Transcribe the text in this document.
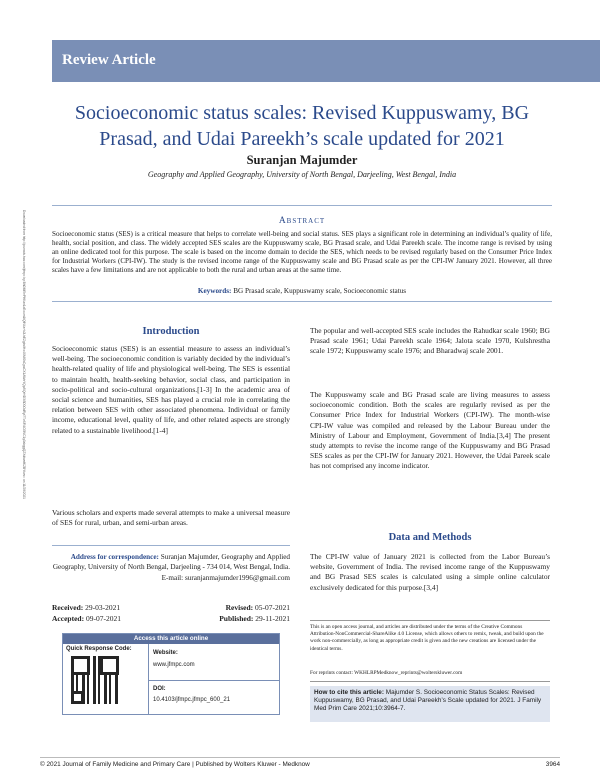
Downloaded from http://journals.lww.com/jfmpc by BhDMf5ePHKav1zEoum1tQfN4a+kJLhEZgbsIHo4XMi0hCywCX1AWnYQp/IlQrHD3i3D0OdRyi7TvSFl4Cf3VC1y0abggQZXdtwnfKZBYtws= on 11/28/2021
Review Article
Socioeconomic status scales: Revised Kuppuswamy, BG Prasad, and Udai Pareekh’s scale updated for 2021
Suranjan Majumder
Geography and Applied Geography, University of North Bengal, Darjeeling, West Bengal, India
Abstract
Socioeconomic status (SES) is a critical measure that helps to correlate well‑being and social status. SES plays a significant role in determining an individual’s quality of life, health, social position, and class. The widely accepted SES scales are the Kuppuswamy scale, BG Prasad scale, and Udai Pareekh scale. The income range is revised by using an online dedicated tool for this purpose. The scale is based on the income domain to decide the SES, which needs to be revised regularly based on the Consumer Price Index for Industrial Workers (CPI‑IW). The study is the revised income range of the Kuppuswamy scale and BG Prasad scale as per the CPI‑IW January 2021. However, all three scales have a few limitations and are not applicable to both the rural and urban areas at the same time.
Keywords: BG Prasad scale, Kuppuswamy scale, Socioeconomic status
Introduction
Socioeconomic status (SES) is an essential measure to assess an individual’s well‑being. The socioeconomic condition is variably decided by the individual’s health‑related quality of life and physiological well‑being. The SES is essential to maintain health, health‑seeking behavior, social class, and participation in socio‑political and socio‑cultural organizations.[1‑3] In the academic area of social science and humanities, SES has played a crucial role in correlating the relation between SES with other associated phenomena. Individual or family income, educational level, quality of life, and other related aspects are strongly related to a sustainable livelihood.[1‑4]
Various scholars and experts made several attempts to make a universal measure of SES for rural, urban, and semi‑urban areas.
The popular and well‑accepted SES scale includes the Rahudkar scale 1960; BG Prasad scale 1961; Udai Pareekh scale 1964; Jalota scale 1970, Kulshrestha scale 1972; Kuppuswamy scale 1976; and Bharadwaj scale 2001.
The Kuppuswamy scale and BG Prasad scale are living measures to assess socioeconomic condition. Both the scales are regularly revised as per the Consumer Price Index for Industrial Workers (CPI‑IW). The month‑wise CPI‑IW value was compiled and released by the Labour Bureau under the Ministry of Labour and Employment, Government of India.[3,4] The present study attempts to revise the income range of the Kuppuswamy and BG Prasad SES scales as per the CPI‑IW for January 2021. However, the Udai Pareek scale has not comprised any income indicator.
Data and Methods
The CPI‑IW value of January 2021 is collected from the Labor Bureau’s website, Government of India. The revised income range of the Kuppuswamy and BG Prasad SES scales is calculated using a simple online calculator exclusively dedicated for this purpose.[3,4]
Address for correspondence: Suranjan Majumder, Geography and Applied Geography, University of North Bengal, Darjeeling - 734 014, West Bengal, India.
E-mail: suranjanmajumder1996@gmail.com
Received: 29-03-2021	Revised: 05-07-2021
Accepted: 09-07-2021	Published: 29-11-2021
Access this article online
Quick Response Code:
Website:
www.jfmpc.com
DOI:
10.4103/jfmpc.jfmpc_600_21
This is an open access journal, and articles are distributed under the terms of the Creative Commons Attribution‑NonCommercial‑ShareAlike 4.0 License, which allows others to remix, tweak, and build upon the work non‑commercially, as long as appropriate credit is given and the new creations are licensed under the identical terms.
For reprints contact: WKHLRPMedknow_reprints@wolterskluwer.com
How to cite this article: Majumder S. Socioeconomic Status Scales: Revised Kuppuswamy, BG Prasad, and Udai Pareekh’s Scale updated for 2021. J Family Med Prim Care 2021;10:3964‑7.
© 2021 Journal of Family Medicine and Primary Care | Published by Wolters Kluwer - Medknow	3964
